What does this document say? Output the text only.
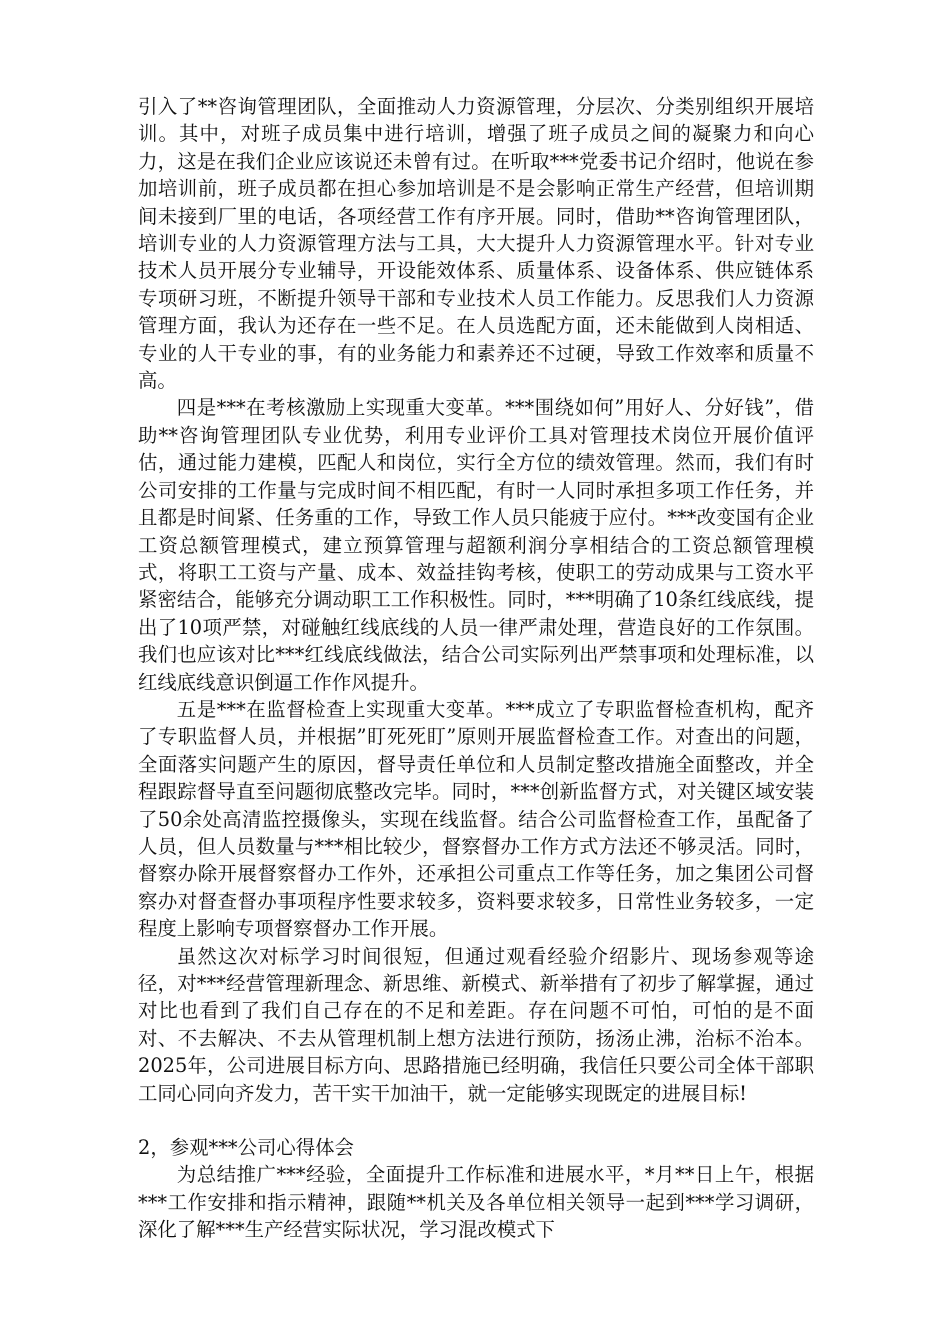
引入了**咨询管理团队，全面推动人力资源管理，分层次、分类别组织开展培训。其中，对班子成员集中进行培训，增强了班子成员之间的凝聚力和向心力，这是在我们企业应该说还未曾有过。在听取***党委书记介绍时，他说在参加培训前，班子成员都在担心参加培训是不是会影响正常生产经营，但培训期间未接到厂里的电话，各项经营工作有序开展。同时，借助**咨询管理团队，培训专业的人力资源管理方法与工具，大大提升人力资源管理水平。针对专业技术人员开展分专业辅导，开设能效体系、质量体系、设备体系、供应链体系专项研习班，不断提升领导干部和专业技术人员工作能力。反思我们人力资源管理方面，我认为还存在一些不足。在人员选配方面，还未能做到人岗相适、专业的人干专业的事，有的业务能力和素养还不过硬，导致工作效率和质量不高。

四是***在考核激励上实现重大变革。***围绕如何”用好人、分好钱”，借助**咨询管理团队专业优势，利用专业评价工具对管理技术岗位开展价值评估，通过能力建模，匹配人和岗位，实行全方位的绩效管理。然而，我们有时公司安排的工作量与完成时间不相匹配，有时一人同时承担多项工作任务，并且都是时间紧、任务重的工作，导致工作人员只能疲于应付。***改变国有企业工资总额管理模式，建立预算管理与超额利润分享相结合的工资总额管理模式，将职工工资与产量、成本、效益挂钩考核，使职工的劳动成果与工资水平紧密结合，能够充分调动职工工作积极性。同时，***明确了10条红线底线，提出了10项严禁，对碰触红线底线的人员一律严肃处理，营造良好的工作氛围。我们也应该对比***红线底线做法，结合公司实际列出严禁事项和处理标准，以红线底线意识倒逼工作作风提升。

五是***在监督检查上实现重大变革。***成立了专职监督检查机构，配齐了专职监督人员，并根据”盯死死盯”原则开展监督检查工作。对查出的问题，全面落实问题产生的原因，督导责任单位和人员制定整改措施全面整改，并全程跟踪督导直至问题彻底整改完毕。同时，***创新监督方式，对关键区域安装了50余处高清监控摄像头，实现在线监督。结合公司监督检查工作，虽配备了人员，但人员数量与***相比较少，督察督办工作方式方法还不够灵活。同时，督察办除开展督察督办工作外，还承担公司重点工作等任务，加之集团公司督察办对督查督办事项程序性要求较多，资料要求较多，日常性业务较多，一定程度上影响专项督察督办工作开展。

虽然这次对标学习时间很短，但通过观看经验介绍影片、现场参观等途径，对***经营管理新理念、新思维、新模式、新举措有了初步了解掌握，通过对比也看到了我们自己存在的不足和差距。存在问题不可怕，可怕的是不面对、不去解决、不去从管理机制上想方法进行预防，扬汤止沸，治标不治本。2025年，公司进展目标方向、思路措施已经明确，我信任只要公司全体干部职工同心同向齐发力，苦干实干加油干，就一定能够实现既定的进展目标!

2，参观***公司心得体会

为总结推广***经验，全面提升工作标准和进展水平，*月**日上午，根据***工作安排和指示精神，跟随**机关及各单位相关领导一起到***学习调研，深化了解***生产经营实际状况，学习混改模式下
